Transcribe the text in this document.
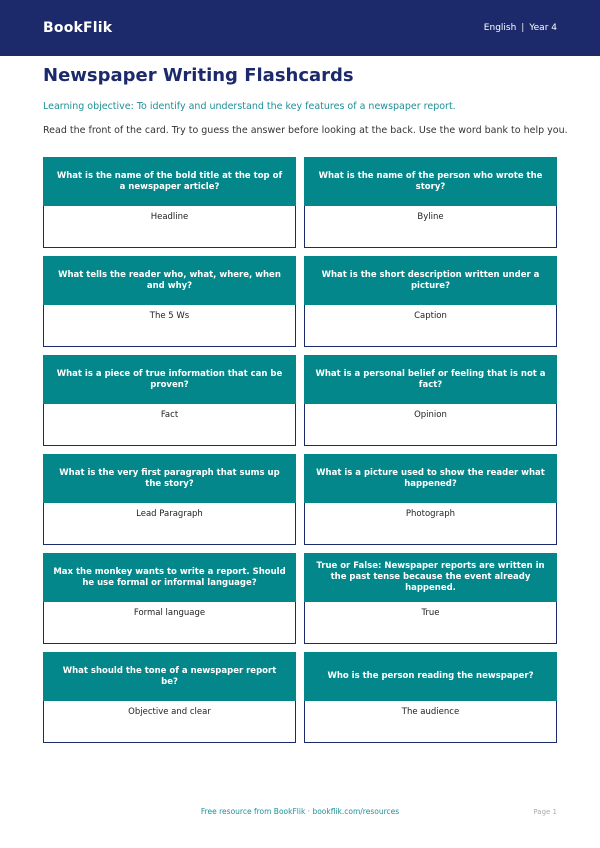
BookFlik	English | Year 4
Newspaper Writing Flashcards
Learning objective: To identify and understand the key features of a newspaper report.
Read the front of the card. Try to guess the answer before looking at the back. Use the word bank to help you.
What is the name of the bold title at the top of a newspaper article?
Headline
What is the name of the person who wrote the story?
Byline
What tells the reader who, what, where, when and why?
The 5 Ws
What is the short description written under a picture?
Caption
What is a piece of true information that can be proven?
Fact
What is a personal belief or feeling that is not a fact?
Opinion
What is the very first paragraph that sums up the story?
Lead Paragraph
What is a picture used to show the reader what happened?
Photograph
Max the monkey wants to write a report. Should he use formal or informal language?
Formal language
True or False: Newspaper reports are written in the past tense because the event already happened.
True
What should the tone of a newspaper report be?
Objective and clear
Who is the person reading the newspaper?
The audience
Free resource from BookFlik · bookflik.com/resources	Page 1
